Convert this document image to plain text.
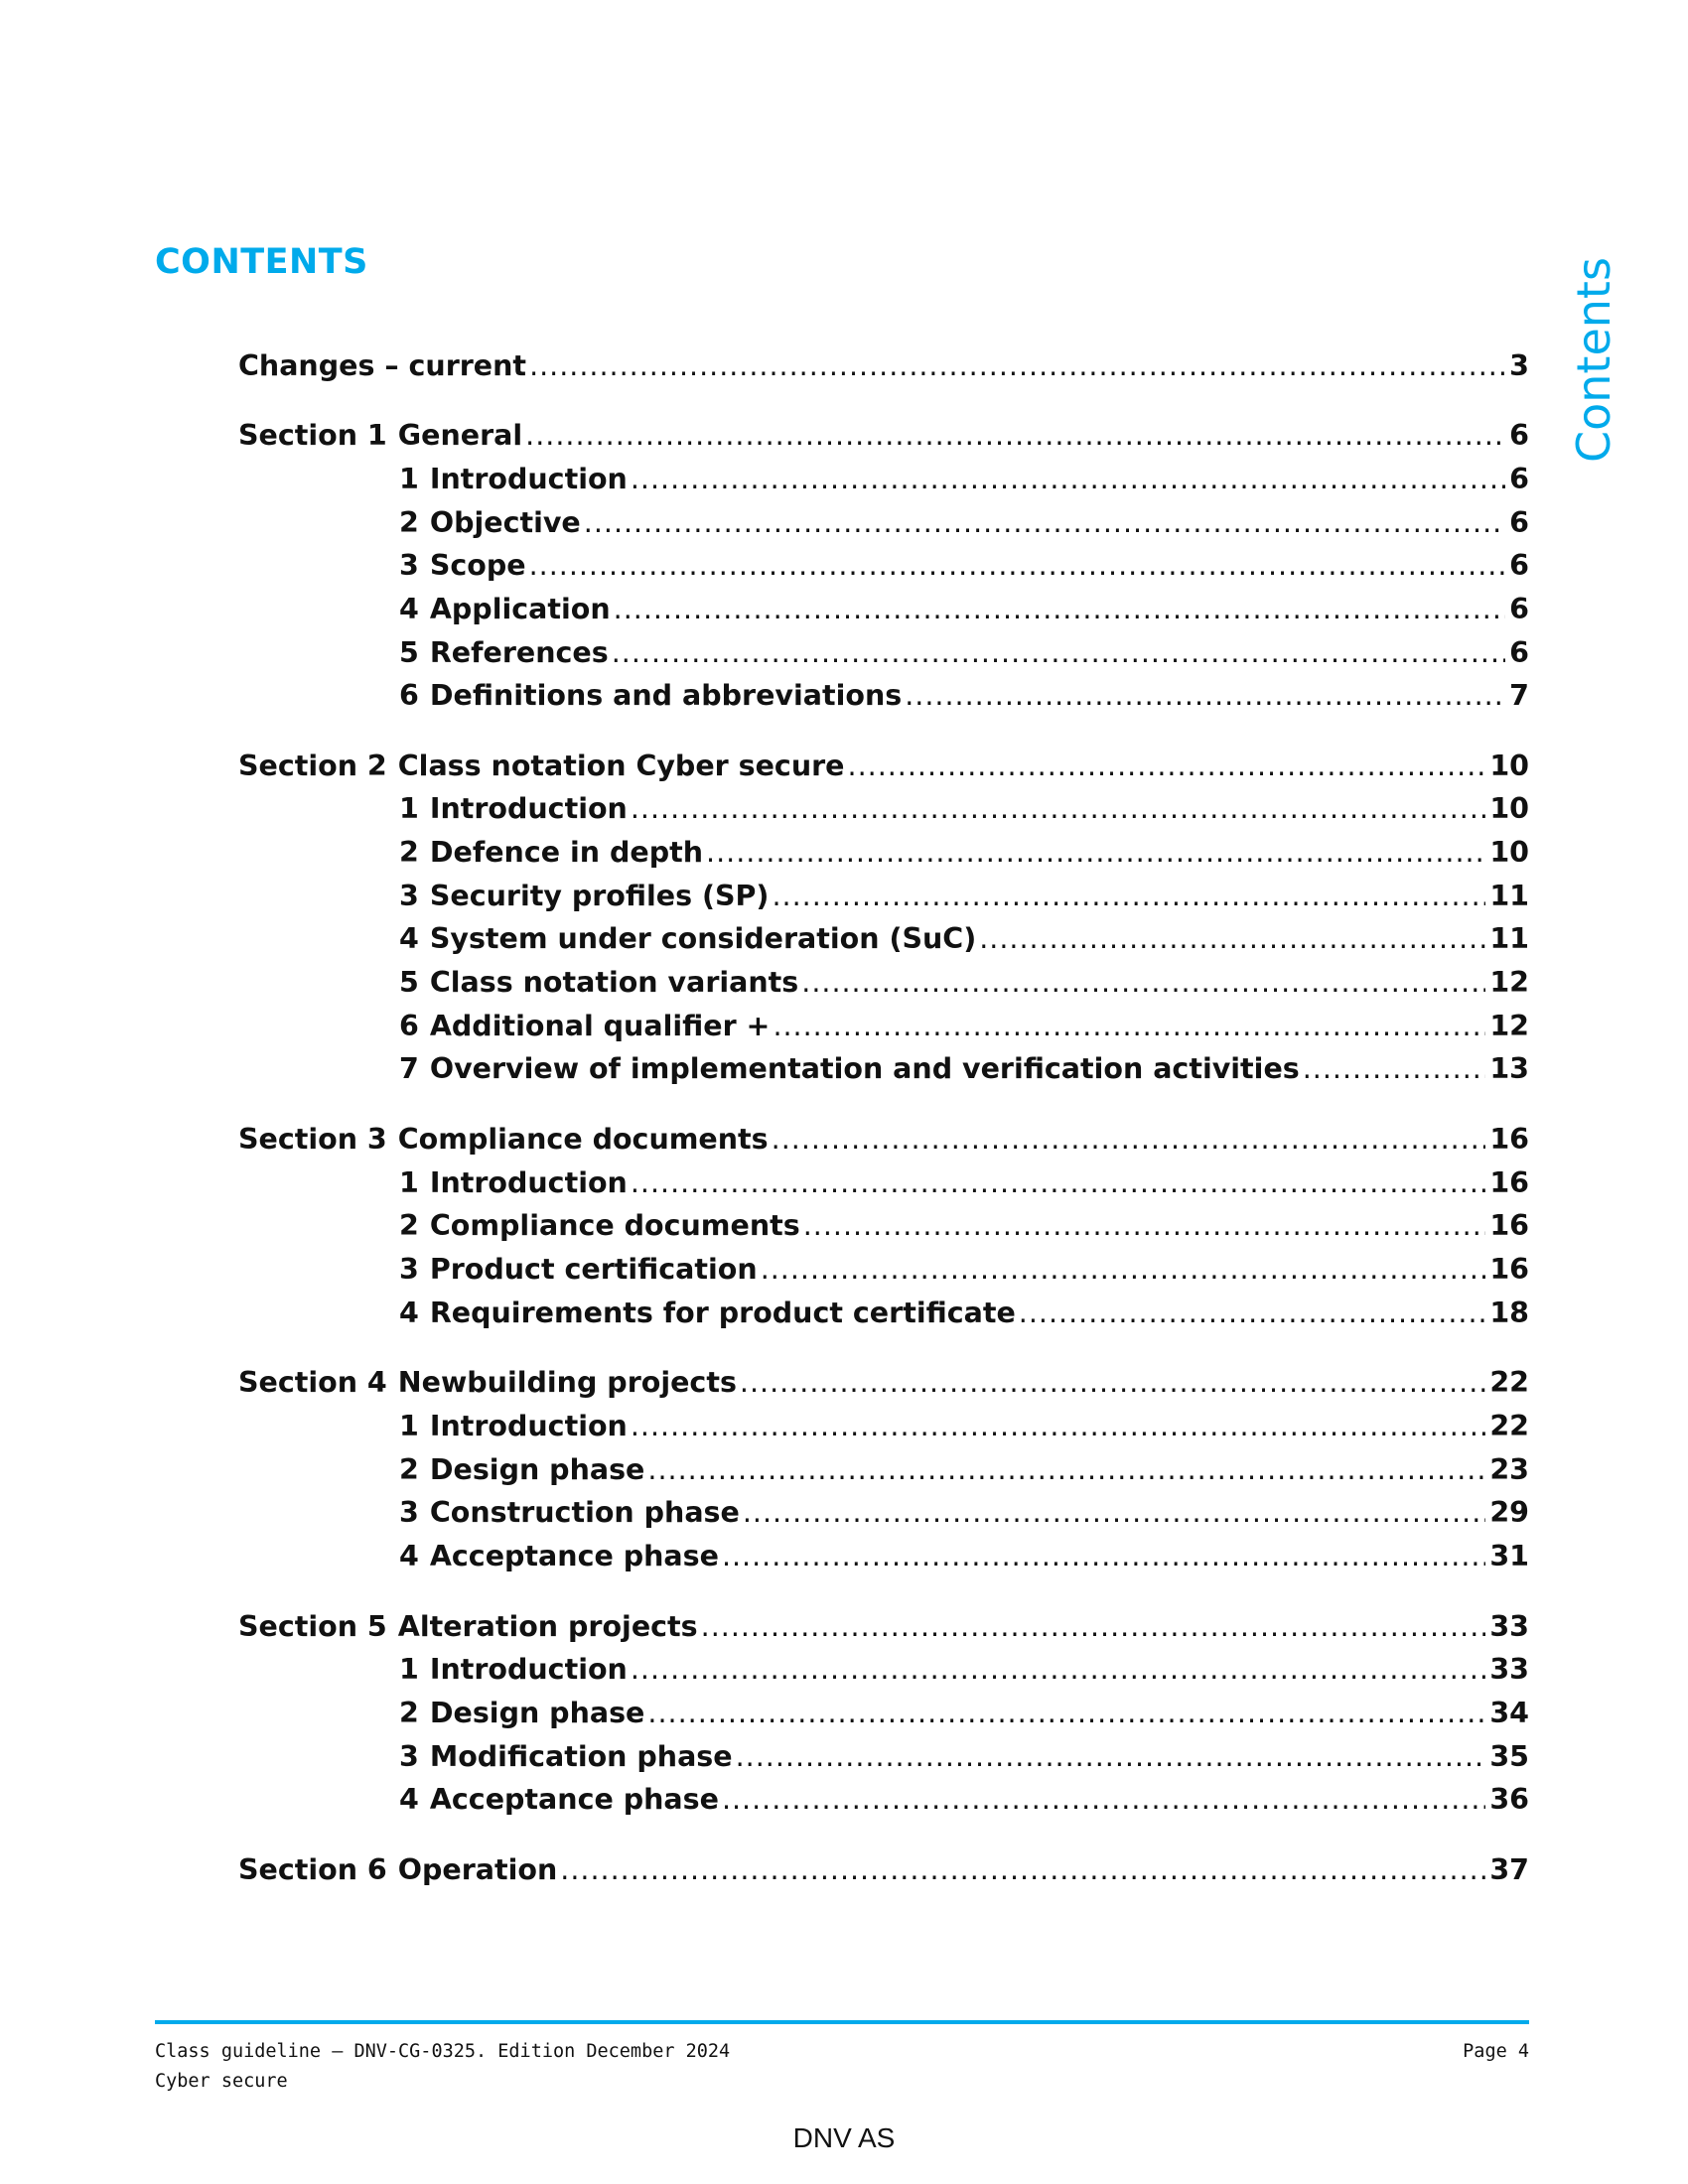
CONTENTS	Contents
Changes – current .....	3
Section 1 General .....	6
1 Introduction .....	6
2 Objective .....	6
3 Scope .....	6
4 Application .....	6
5 References .....	6
6 Definitions and abbreviations .....	7
Section 2 Class notation Cyber secure .....	10
1 Introduction .....	10
2 Defence in depth .....	10
3 Security profiles (SP) .....	11
4 System under consideration (SuC) .....	11
5 Class notation variants .....	12
6 Additional qualifier + .....	12
7 Overview of implementation and verification activities .....	13
Section 3 Compliance documents .....	16
1 Introduction .....	16
2 Compliance documents .....	16
3 Product certification .....	16
4 Requirements for product certificate .....	18
Section 4 Newbuilding projects .....	22
1 Introduction .....	22
2 Design phase .....	23
3 Construction phase .....	29
4 Acceptance phase .....	31
Section 5 Alteration projects .....	33
1 Introduction .....	33
2 Design phase .....	34
3 Modification phase .....	35
4 Acceptance phase .....	36
Section 6 Operation .....	37
Class guideline — DNV-CG-0325. Edition December 2024
Cyber secure
Page 4
DNV AS
